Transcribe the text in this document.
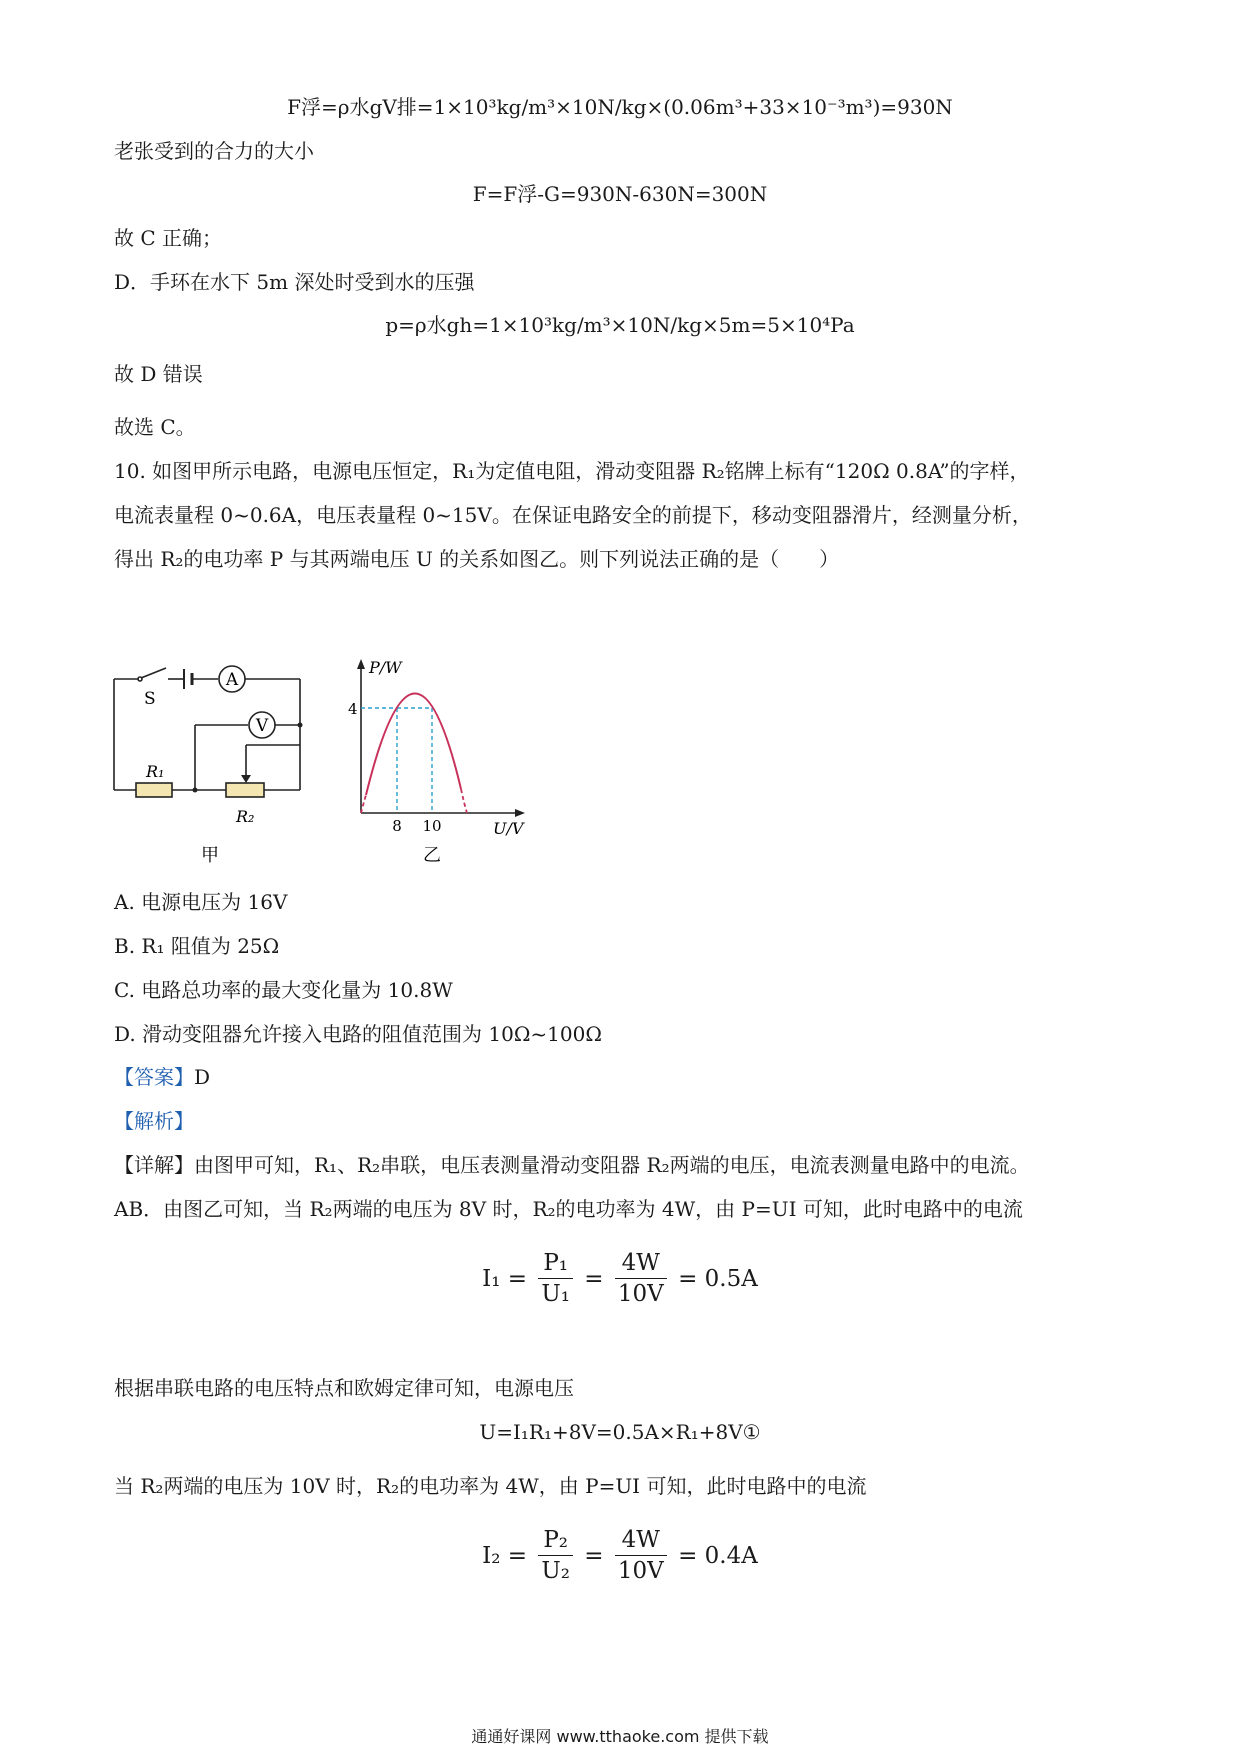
F浮=ρ水gV排=1×10³kg/m³×10N/kg×(0.06m³+33×10⁻³m³)=930N
老张受到的合力的大小
F=F浮-G=930N-630N=300N
故 C 正确；
D．手环在水下 5m 深处时受到水的压强
p=ρ水gh=1×10³kg/m³×10N/kg×5m=5×10⁴Pa
故 D 错误
故选 C。
10. 如图甲所示电路，电源电压恒定，R₁为定值电阻，滑动变阻器 R₂铭牌上标有“120Ω 0.8A”的字样，
电流表量程 0~0.6A，电压表量程 0~15V。在保证电路安全的前提下，移动变阻器滑片，经测量分析，
得出 R₂的电功率 P 与其两端电压 U 的关系如图乙。则下列说法正确的是（　　）
S
A
V
R₁
R₂
甲
P/W
4
8 10	U/V
乙
A. 电源电压为 16V
B. R₁ 阻值为 25Ω
C. 电路总功率的最大变化量为 10.8W
D. 滑动变阻器允许接入电路的阻值范围为 10Ω~100Ω
【答案】D
【解析】
【详解】由图甲可知，R₁、R₂串联，电压表测量滑动变阻器 R₂两端的电压，电流表测量电路中的电流。
AB．由图乙可知，当 R₂两端的电压为 8V 时，R₂的电功率为 4W，由 P=UI 可知，此时电路中的电流
$I_1 = \frac{\text{P₁}}{\text{U₁}} = \frac{4W}{10V} = 0.5A$
根据串联电路的电压特点和欧姆定律可知，电源电压
U=I₁R₁+8V=0.5A×R₁+8V①
当 R₂两端的电压为 10V 时，R₂的电功率为 4W，由 P=UI 可知，此时电路中的电流
$I_2 = \frac{\text{P₂}}{\text{U₂}} = \frac{4W}{10V} = 0.4A$
通通好课网 www.tthaoke.com 提供下载
